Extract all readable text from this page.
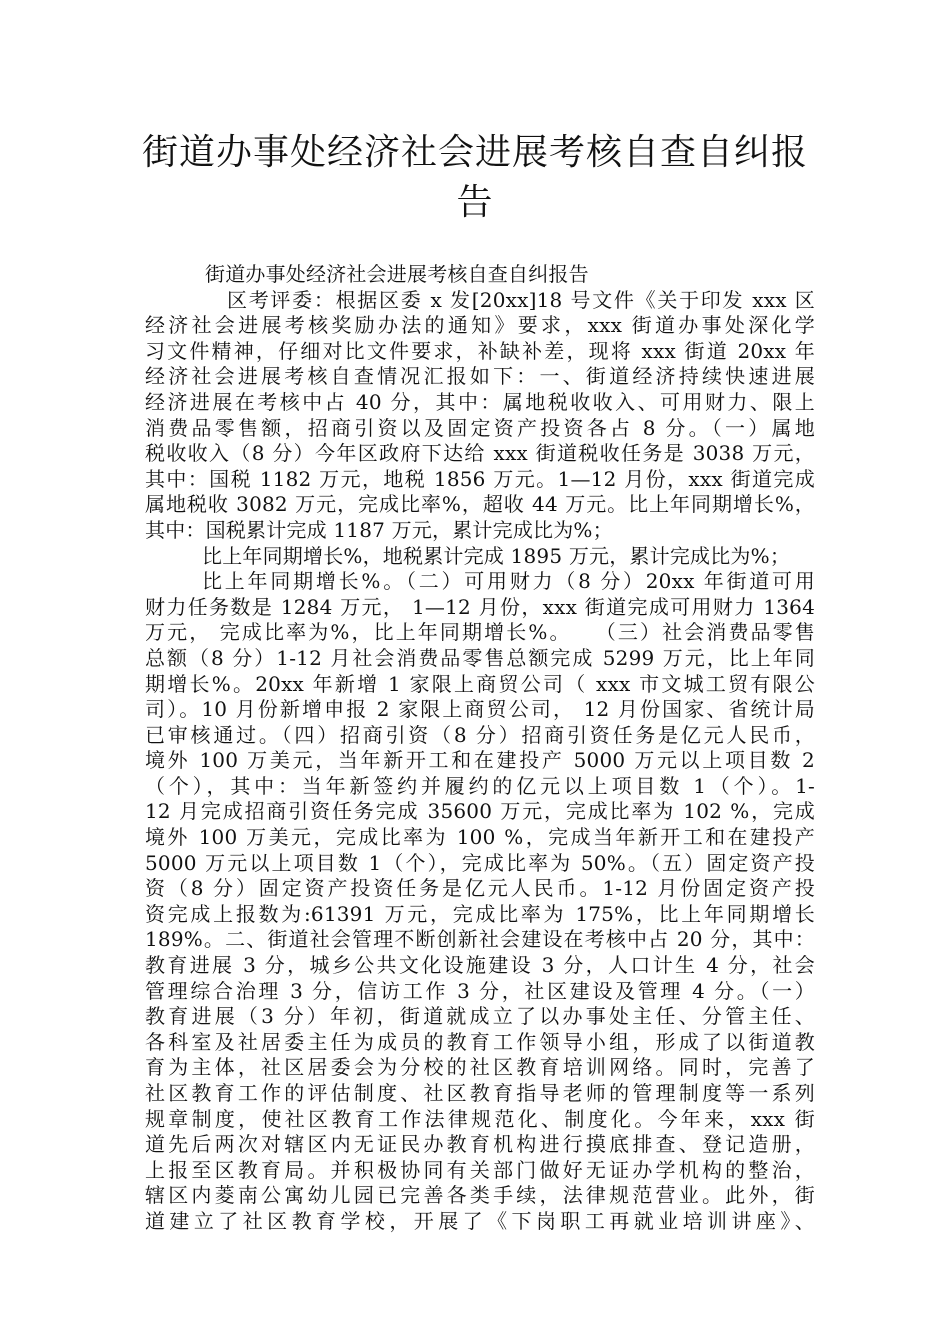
街道办事处经济社会进展考核自查自纠报
告
街道办事处经济社会进展考核自查自纠报告
区考评委：根据区委 x 发[20xx]18 号文件《关于印发 xxx 区
经济社会进展考核奖励办法的通知》要求，xxx 街道办事处深化学
习文件精神，仔细对比文件要求，补缺补差，现将 xxx 街道 20xx 年
经济社会进展考核自查情况汇报如下：一、街道经济持续快速进展
经济进展在考核中占 40 分，其中：属地税收收入、可用财力、限上
消费品零售额，招商引资以及固定资产投资各占 8 分。（一）属地
税收收入（8 分）今年区政府下达给 xxx 街道税收任务是 3038 万元，
其中：国税 1182 万元，地税 1856 万元。1—12 月份，xxx 街道完成
属地税收 3082 万元，完成比率%，超收 44 万元。比上年同期增长%，
其中：国税累计完成 1187 万元，累计完成比为%；
比上年同期增长%，地税累计完成 1895 万元，累计完成比为%；
比上年同期增长%。（二）可用财力（8 分）20xx 年街道可用
财力任务数是 1284 万元， 1—12 月份，xxx 街道完成可用财力 1364
万元， 完成比率为%，比上年同期增长%。　　（三）社会消费品零售
总额（8 分）1-12 月社会消费品零售总额完成 5299 万元，比上年同
期增长%。20xx 年新增 1 家限上商贸公司（ xxx 市文城工贸有限公
司）。10 月份新增申报 2 家限上商贸公司， 12 月份国家、省统计局
已审核通过。（四）招商引资（8 分）招商引资任务是亿元人民币，
境外 100 万美元，当年新开工和在建投产 5000 万元以上项目数 2
（个），其中：当年新签约并履约的亿元以上项目数 1（个）。1-
12 月完成招商引资任务完成 35600 万元，完成比率为 102 %，完成
境外 100 万美元，完成比率为 100 %，完成当年新开工和在建投产
5000 万元以上项目数 1（个），完成比率为 50%。（五）固定资产投
资（8 分）固定资产投资任务是亿元人民币。1-12 月份固定资产投
资完成上报数为:61391 万元，完成比率为 175%，比上年同期增长
189%。二、街道社会管理不断创新社会建设在考核中占 20 分，其中：
教育进展 3 分，城乡公共文化设施建设 3 分，人口计生 4 分，社会
管理综合治理 3 分，信访工作 3 分，社区建设及管理 4 分。（一）
教育进展（3 分）年初，街道就成立了以办事处主任、分管主任、
各科室及社居委主任为成员的教育工作领导小组，形成了以街道教
育为主体，社区居委会为分校的社区教育培训网络。同时，完善了
社区教育工作的评估制度、社区教育指导老师的管理制度等一系列
规章制度，使社区教育工作法律规范化、制度化。今年来，xxx 街
道先后两次对辖区内无证民办教育机构进行摸底排查、登记造册，
上报至区教育局。并积极协同有关部门做好无证办学机构的整治，
辖区内菱南公寓幼儿园已完善各类手续，法律规范营业。此外，街
道建立了社区教育学校，开展了《下岗职工再就业培训讲座》、
